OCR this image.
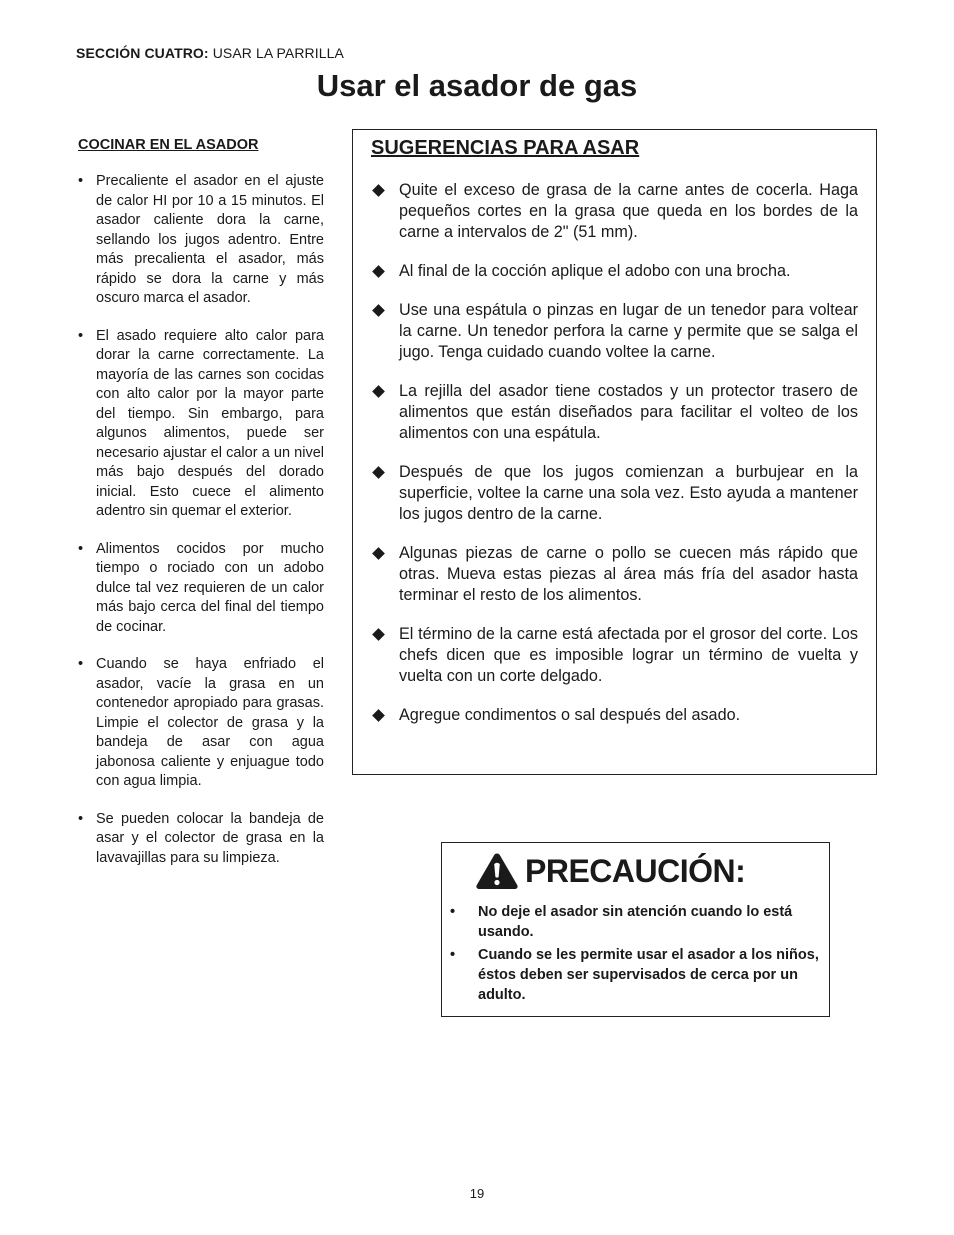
SECCIÓN CUATRO: USAR LA PARRILLA
Usar el asador de gas
COCINAR EN EL ASADOR
• Precaliente el asador en el ajuste de calor HI por 10 a 15 minutos. El asador caliente dora la carne, sellando los jugos adentro. Entre más precalienta el asador, más rápido se dora la carne y más oscuro marca el asador.
• El asado requiere alto calor para dorar la carne correctamente. La mayoría de las carnes son cocidas con alto calor por la mayor parte del tiempo. Sin embargo, para algunos alimentos, puede ser necesario ajustar el calor a un nivel más bajo después del dorado inicial. Esto cuece el alimento adentro sin quemar el exterior.
• Alimentos cocidos por mucho tiempo o rociado con un adobo dulce tal vez requieren de un calor más bajo cerca del final del tiempo de cocinar.
• Cuando se haya enfriado el asador, vacíe la grasa en un contenedor apropiado para grasas. Limpie el colector de grasa y la bandeja de asar con agua jabonosa caliente y enjuague todo con agua limpia.
• Se pueden colocar la bandeja de asar y el colector de grasa en la lavavajillas para su limpieza.
SUGERENCIAS PARA ASAR
Quite el exceso de grasa de la carne antes de cocerla. Haga pequeños cortes en la grasa que queda en los bordes de la carne a intervalos de 2" (51 mm).
Al final de la cocción aplique el adobo con una brocha.
Use una espátula o pinzas en lugar de un tenedor para voltear la carne. Un tenedor perfora la carne y permite que se salga el jugo. Tenga cuidado cuando voltee la carne.
La rejilla del asador tiene costados y un protector trasero de alimentos que están diseñados para facilitar el volteo de los alimentos con una espátula.
Después de que los jugos comienzan a burbujear en la superficie, voltee la carne una sola vez. Esto ayuda a mantener los jugos dentro de la carne.
Algunas piezas de carne o pollo se cuecen más rápido que otras. Mueva estas piezas al área más fría del asador hasta terminar el resto de los alimentos.
El término de la carne está afectada por el grosor del corte. Los chefs dicen que es imposible lograr un término de vuelta y vuelta con un corte delgado.
Agregue condimentos o sal después del asado.
PRECAUCIÓN:
• No deje el asador sin atención cuando lo está usando.
• Cuando se les permite usar el asador a los niños, éstos deben ser supervisados de cerca por un adulto.
19
